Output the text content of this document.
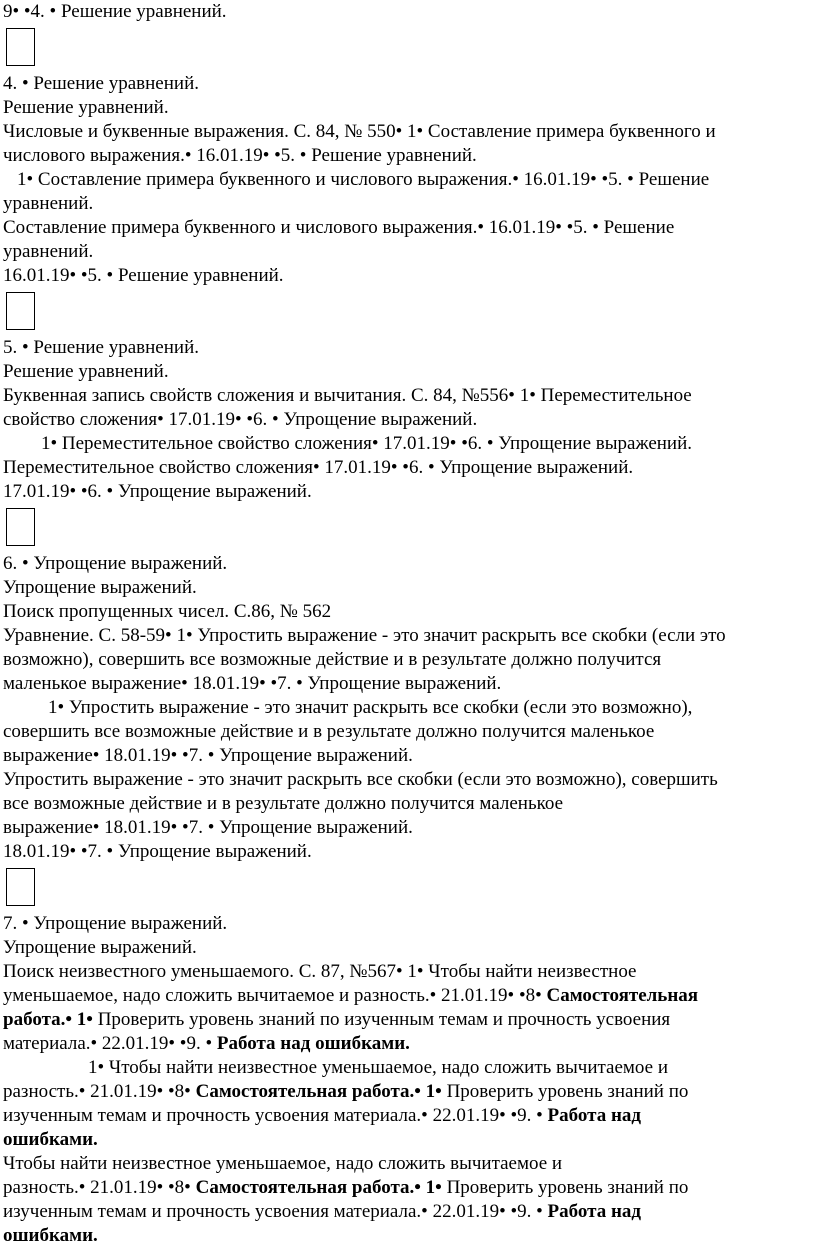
9• •4. • Решение уравнений.
4. • Решение уравнений.
Решение уравнений.
Числовые и буквенные выражения. С. 84, № 550• 1• Составление примера буквенного и
числового выражения.• 16.01.19• •5. • Решение уравнений.
1• Составление примера буквенного и числового выражения.• 16.01.19• •5. • Решение
уравнений.
Составление примера буквенного и числового выражения.• 16.01.19• •5. • Решение
уравнений.
16.01.19• •5. • Решение уравнений.
5. • Решение уравнений.
Решение уравнений.
Буквенная запись свойств сложения и вычитания. С. 84, №556• 1• Переместительное
свойство сложения• 17.01.19• •6. • Упрощение выражений.
1• Переместительное свойство сложения• 17.01.19• •6. • Упрощение выражений.
Переместительное свойство сложения• 17.01.19• •6. • Упрощение выражений.
17.01.19• •6. • Упрощение выражений.
6. • Упрощение выражений.
Упрощение выражений.
Поиск пропущенных чисел. С.86, № 562
Уравнение. С. 58-59• 1• Упростить выражение - это значит раскрыть все скобки (если это
возможно), совершить все возможные действие и в результате должно получится
маленькое выражение• 18.01.19• •7. • Упрощение выражений.
1• Упростить выражение - это значит раскрыть все скобки (если это возможно),
совершить все возможные действие и в результате должно получится маленькое
выражение• 18.01.19• •7. • Упрощение выражений.
Упростить выражение - это значит раскрыть все скобки (если это возможно), совершить
все возможные действие и в результате должно получится маленькое
выражение• 18.01.19• •7. • Упрощение выражений.
18.01.19• •7. • Упрощение выражений.
7. • Упрощение выражений.
Упрощение выражений.
Поиск неизвестного уменьшаемого. С. 87, №567• 1• Чтобы найти неизвестное
уменьшаемое, надо сложить вычитаемое и разность.• 21.01.19• •8• Самостоятельная
работа.• 1• Проверить уровень знаний по изученным темам и прочность усвоения
материала.• 22.01.19• •9. • Работа над ошибками.
1• Чтобы найти неизвестное уменьшаемое, надо сложить вычитаемое и
разность.• 21.01.19• •8• Самостоятельная работа.• 1• Проверить уровень знаний по
изученным темам и прочность усвоения материала.• 22.01.19• •9. • Работа над
ошибками.
Чтобы найти неизвестное уменьшаемое, надо сложить вычитаемое и
разность.• 21.01.19• •8• Самостоятельная работа.• 1• Проверить уровень знаний по
изученным темам и прочность усвоения материала.• 22.01.19• •9. • Работа над
ошибками.
